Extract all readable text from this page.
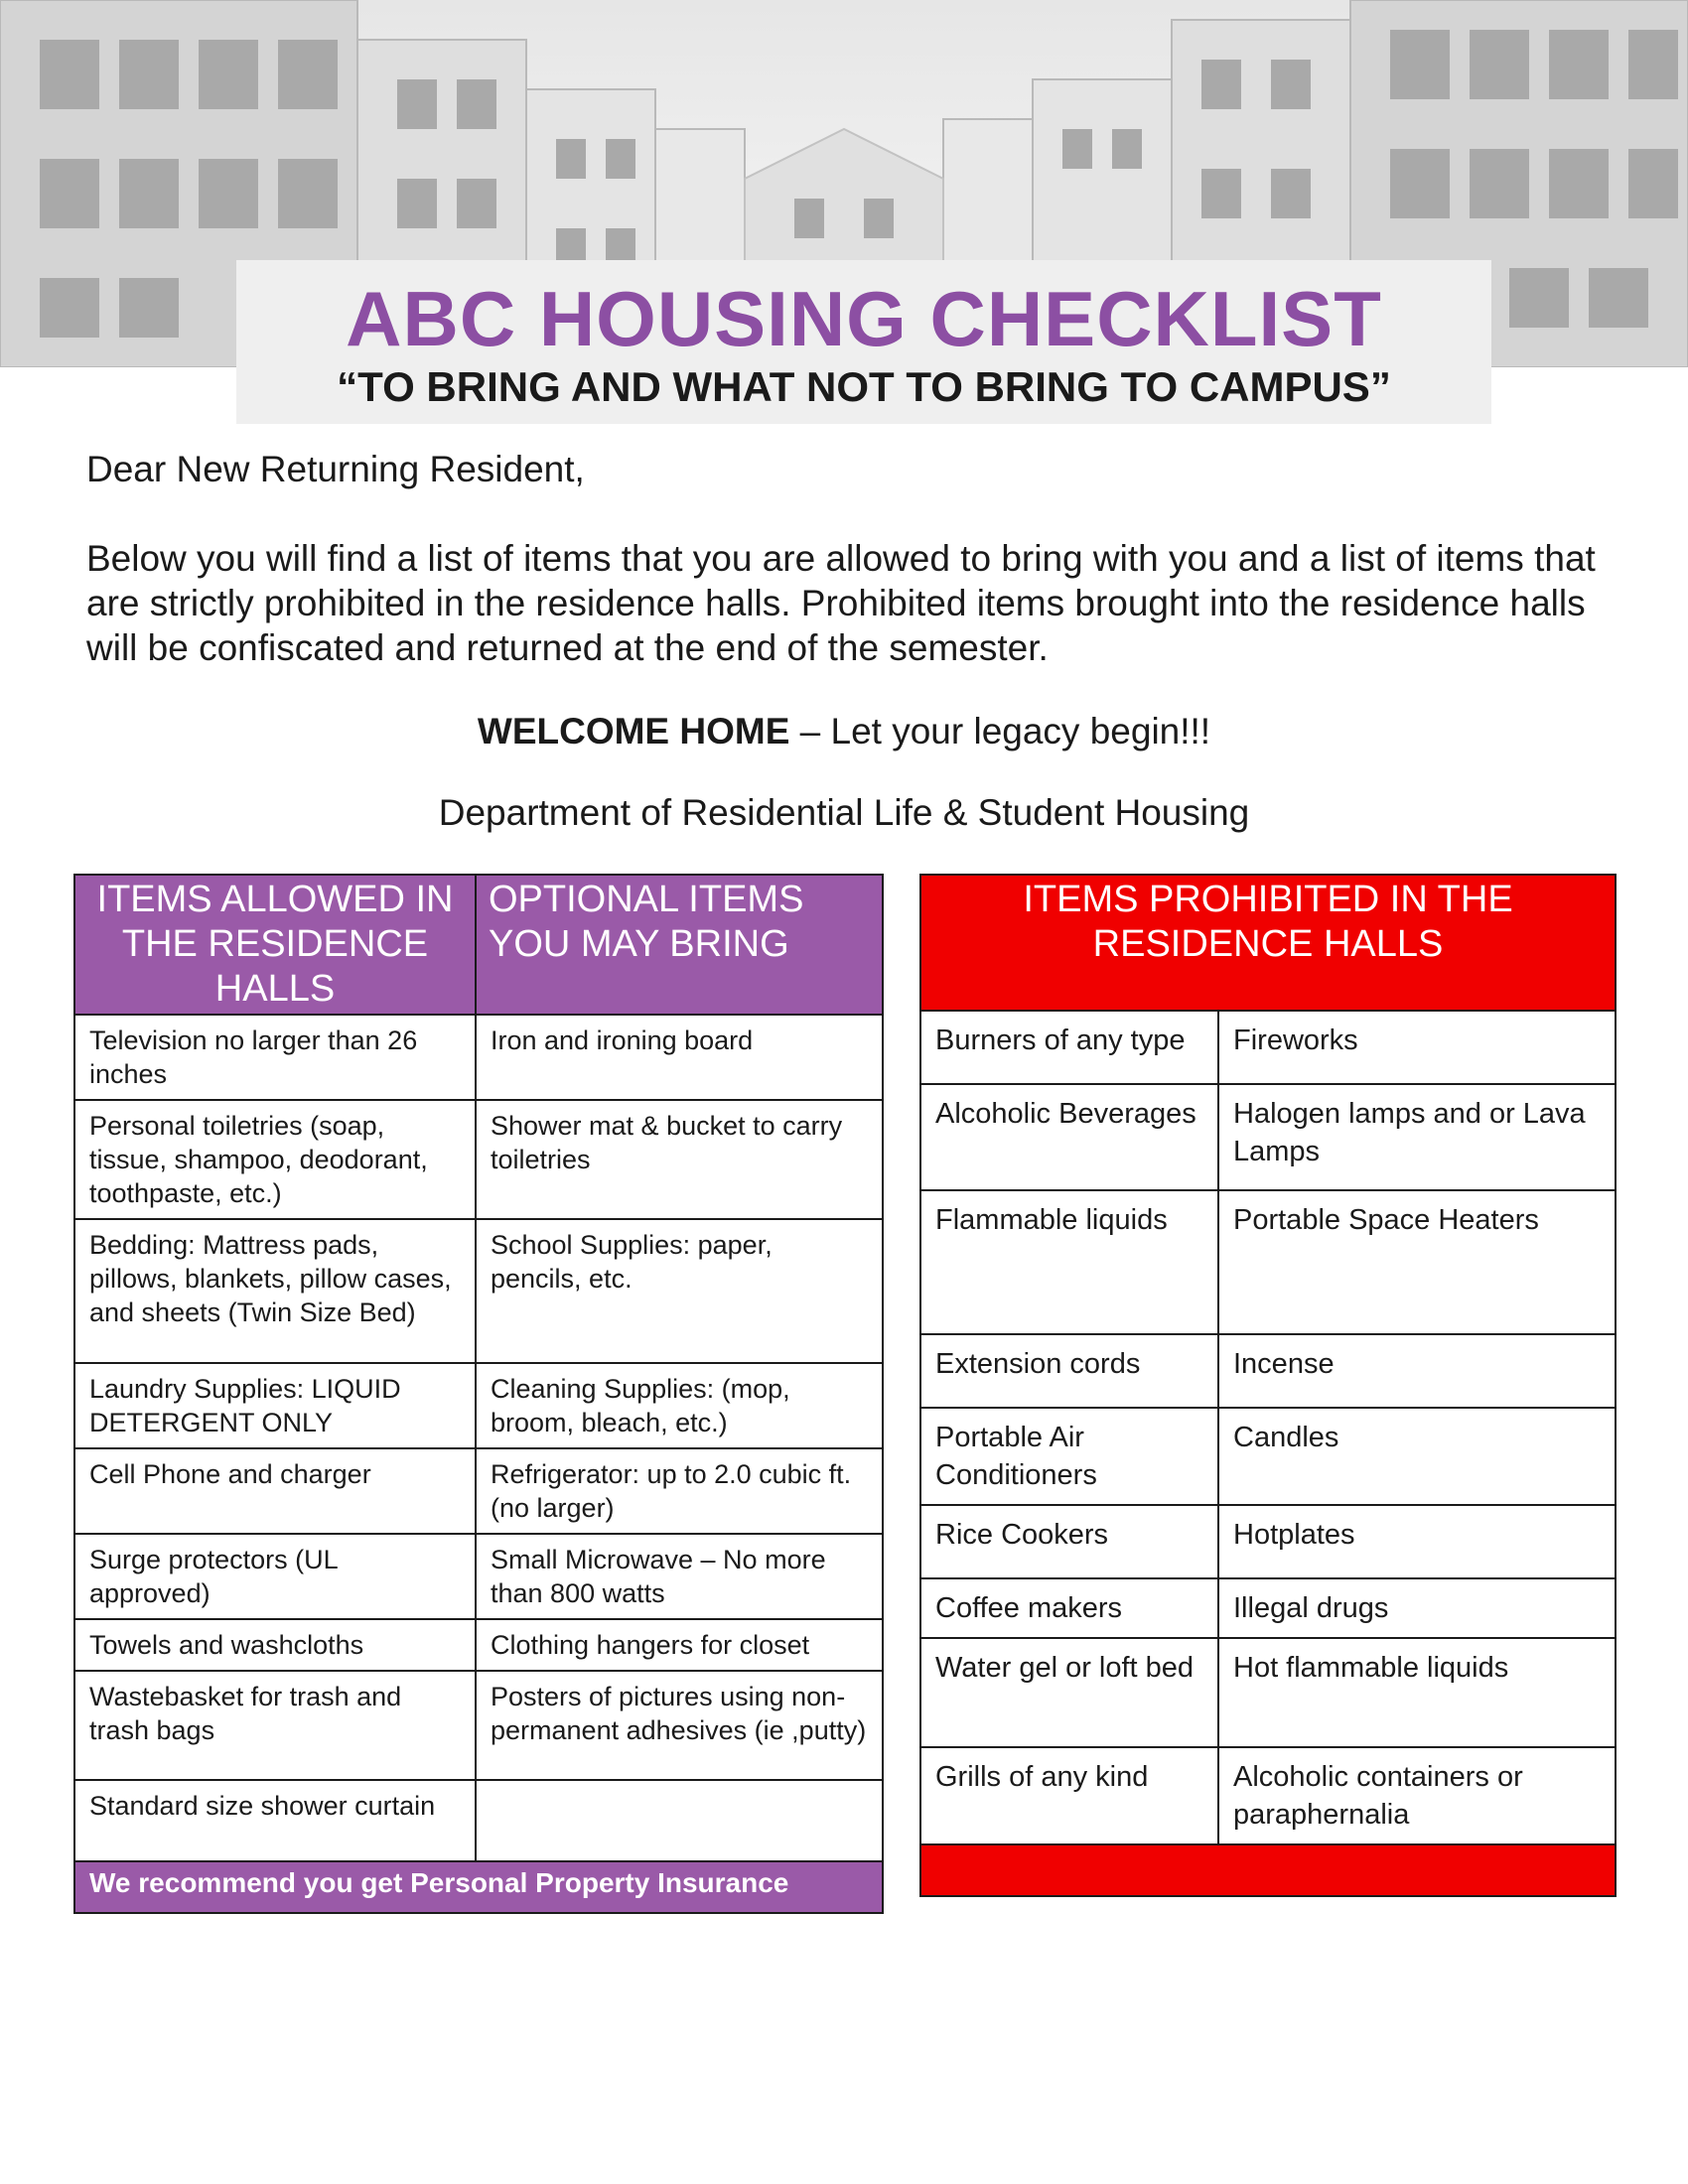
ABC HOUSING CHECKLIST
“TO BRING AND WHAT NOT TO BRING TO CAMPUS”
Dear New Returning Resident,
Below you will find a list of items that you are allowed to bring with you and a list of items that are strictly prohibited in the residence halls. Prohibited items brought into the residence halls will be confiscated and returned at the end of the semester.
WELCOME HOME – Let your legacy begin!!!
Department of Residential Life & Student Housing
ITEMS ALLOWED IN THE RESIDENCE HALLS	OPTIONAL ITEMS YOU MAY BRING
Television no larger than 26 inches	Iron and ironing board
Personal toiletries (soap, tissue, shampoo, deodorant, toothpaste, etc.)	Shower mat & bucket to carry toiletries
Bedding: Mattress pads, pillows, blankets, pillow cases, and sheets (Twin Size Bed)	School Supplies: paper, pencils, etc.
Laundry Supplies: LIQUID DETERGENT ONLY	Cleaning Supplies: (mop, broom, bleach, etc.)
Cell Phone and charger	Refrigerator: up to 2.0 cubic ft. (no larger)
Surge protectors (UL approved)	Small Microwave – No more than 800 watts
Towels and washcloths	Clothing hangers for closet
Wastebasket for trash and trash bags	Posters of pictures using non-permanent adhesives (ie ,putty)
Standard size shower curtain	
We recommend you get Personal Property Insurance	
ITEMS PROHIBITED IN THE RESIDENCE HALLS	
Burners of any type	Fireworks
Alcoholic Beverages	Halogen lamps and or Lava Lamps
Flammable liquids	Portable Space Heaters
Extension cords	Incense
Portable Air Conditioners	Candles
Rice Cookers	Hotplates
Coffee makers	Illegal drugs
Water gel or loft bed	Hot flammable liquids
Grills of any kind	Alcoholic containers or paraphernalia
